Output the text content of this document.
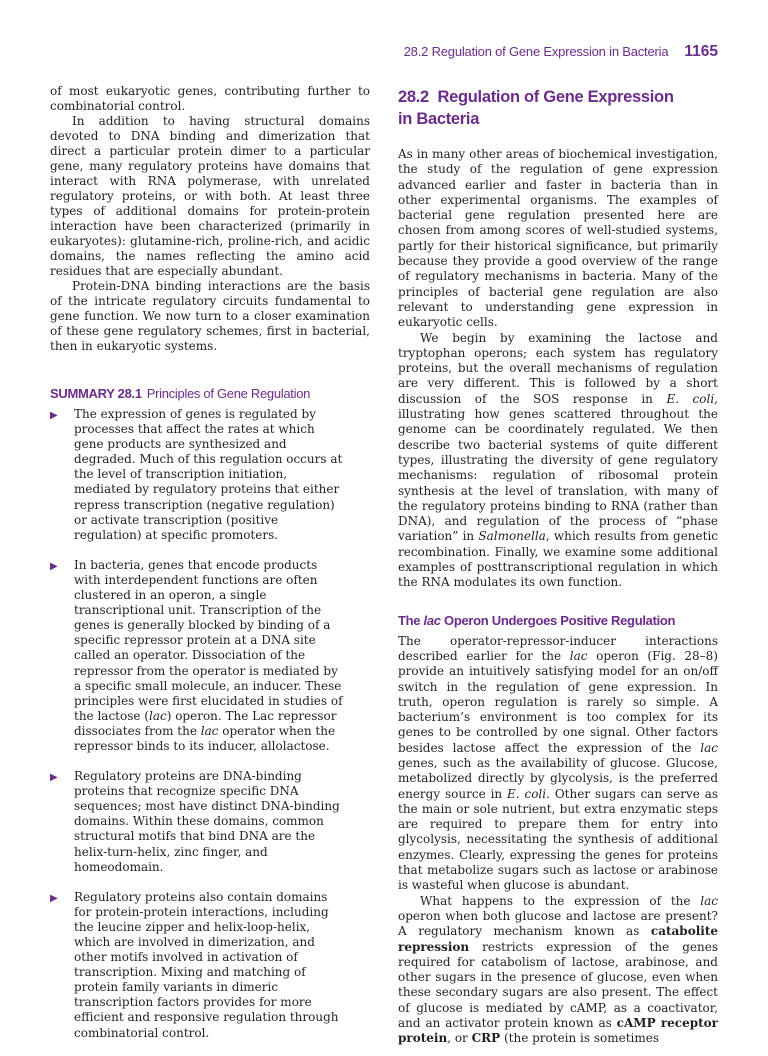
28.2 Regulation of Gene Expression in Bacteria 1165

of most eukaryotic genes, contributing further to combinatorial control.

In addition to having structural domains devoted to DNA binding and dimerization that direct a particular protein dimer to a particular gene, many regulatory proteins have domains that interact with RNA polymerase, with unrelated regulatory proteins, or with both. At least three types of additional domains for protein-protein interaction have been characterized (primarily in eukaryotes): glutamine-rich, proline-rich, and acidic domains, the names reflecting the amino acid residues that are especially abundant.

Protein-DNA binding interactions are the basis of the intricate regulatory circuits fundamental to gene function. We now turn to a closer examination of these gene regulatory schemes, first in bacterial, then in eukaryotic systems.

SUMMARY 28.1 Principles of Gene Regulation
▶	The expression of genes is regulated by processes that affect the rates at which gene products are synthesized and degraded. Much of this regulation occurs at the level of transcription initiation, mediated by regulatory proteins that either repress transcription (negative regulation) or activate transcription (positive regulation) at specific promoters.
▶	In bacteria, genes that encode products with interdependent functions are often clustered in an operon, a single transcriptional unit. Transcription of the genes is generally blocked by binding of a specific repressor protein at a DNA site called an operator. Dissociation of the repressor from the operator is mediated by a specific small molecule, an inducer. These principles were first elucidated in studies of the lactose (lac) operon. The Lac repressor dissociates from the lac operator when the repressor binds to its inducer, allolactose.
▶	Regulatory proteins are DNA-binding proteins that recognize specific DNA sequences; most have distinct DNA-binding domains. Within these domains, common structural motifs that bind DNA are the helix-turn-helix, zinc finger, and homeodomain.
▶	Regulatory proteins also contain domains for protein-protein interactions, including the leucine zipper and helix-loop-helix, which are involved in dimerization, and other motifs involved in activation of transcription. Mixing and matching of protein family variants in dimeric transcription factors provides for more efficient and responsive regulation through combinatorial control.
28.2 Regulation of Gene Expression
in Bacteria

As in many other areas of biochemical investigation, the study of the regulation of gene expression advanced earlier and faster in bacteria than in other experimental organisms. The examples of bacterial gene regulation presented here are chosen from among scores of well-studied systems, partly for their historical significance, but primarily because they provide a good overview of the range of regulatory mechanisms in bacteria. Many of the principles of bacterial gene regulation are also relevant to understanding gene expression in eukaryotic cells.

We begin by examining the lactose and tryptophan operons; each system has regulatory proteins, but the overall mechanisms of regulation are very different. This is followed by a short discussion of the SOS response in E. coli, illustrating how genes scattered throughout the genome can be coordinately regulated. We then describe two bacterial systems of quite different types, illustrating the diversity of gene regulatory mechanisms: regulation of ribosomal protein synthesis at the level of translation, with many of the regulatory proteins binding to RNA (rather than DNA), and regulation of the process of “phase variation” in Salmonella, which results from genetic recombination. Finally, we examine some additional examples of posttranscriptional regulation in which the RNA modulates its own function.

The lac Operon Undergoes Positive Regulation

The operator-repressor-inducer interactions described earlier for the lac operon (Fig. 28–8) provide an intuitively satisfying model for an on/off switch in the regulation of gene expression. In truth, operon regulation is rarely so simple. A bacterium’s environment is too complex for its genes to be controlled by one signal. Other factors besides lactose affect the expression of the lac genes, such as the availability of glucose. Glucose, metabolized directly by glycolysis, is the preferred energy source in E. coli. Other sugars can serve as the main or sole nutrient, but extra enzymatic steps are required to prepare them for entry into glycolysis, necessitating the synthesis of additional enzymes. Clearly, expressing the genes for proteins that metabolize sugars such as lactose or arabinose is wasteful when glucose is abundant.

What happens to the expression of the lac operon when both glucose and lactose are present? A regulatory mechanism known as catabolite repression restricts expression of the genes required for catabolism of lactose, arabinose, and other sugars in the presence of glucose, even when these secondary sugars are also present. The effect of glucose is mediated by cAMP, as a coactivator, and an activator protein known as cAMP receptor protein, or CRP (the protein is sometimes
